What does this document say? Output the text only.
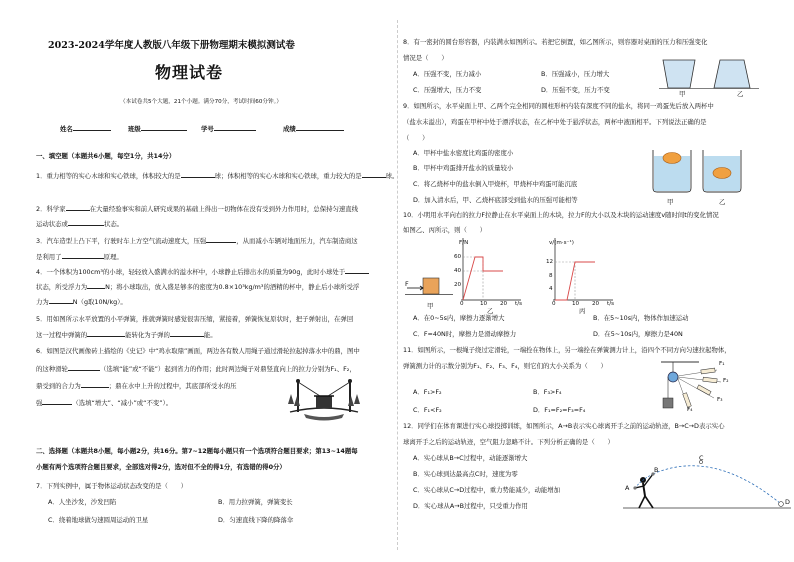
2023-2024学年度人教版八年级下册物理期末模拟测试卷
物理试卷
（本试卷共5个大题，21个小题。满分70分，考试时间60分钟。）
姓名	班级	学号	成绩
一、填空题（本题共6小题，每空1分，共14分）
1．重力相等的实心木球和实心铁球，体积较大的是	球；体积相等的实心木球和实心铁球，重力较大的是	球。
2．科学家	在大量经验事实和前人研究成果的基础上得出一切物体在没有受到外力作用时，总保持匀速直线
运动状态或	状态。
3．汽车造型上凸下平，行驶时车上方空气流动速度大，压强	，从而减小车辆对地面压力，汽车制造商这
是利用了	原理。
4．一个体积为100cm³的小球，轻轻放入盛满水的溢水杯中，小球静止后排出水的质量为90g，此时小球处于
状态，所受浮力为	N；将小球取出，放入盛足够多的密度为0.8×10³kg/m³的酒精的杯中，静止后小球所受浮
力为	N（g取10N/kg）。
5．用如图所示水平放置的小平弹簧，推就弹簧时感觉很害压缩，紧接着，弹簧恢复原状时，把子弹射出，在弹回
这一过程中弹簧的	能转化为子弹的	能。
6．如图是汉代画像砖上描绘的《史记》中“鸡水取鼎”画面，两边各有数人用绳子通过滑轮拉起掉落水中的鼎，图中
的这种滑轮	（选填“能”或“不能”）起到省力的作用；此时两边绳子对鼎竖直向上的拉力分别为F₁、F₂，
鼎受到的合力为	；鼎在水中上升的过程中，其底部所受水的压
强	（选填“增大”、“减小”或“不变”）。
二、选择题（本题共8小题，每小题2分，共16分。第7~12题每小题只有一个选项符合题目要求；第13~14题每
小题有两个选项符合题目要求，全部选对得2分，选对但不全的得1分，有选错的得0分）
7．下列实例中，属于物体运动状态改变的是（　　）
A．人坐沙发，沙发凹陷	B．用力拉弹簧，弹簧变长
C．绕着地球做匀速圆周运动的卫星	D．匀速直线下降的降落伞
8．有一密封的圆台形容器，内装满水如图所示。若把它倒置，如乙图所示，则容器对桌面的压力和压强变化
情况是（　　）
A．压强不变，压力减小	B．压强减小，压力增大
C．压强增大，压力不变	D．压强不变，压力不变	甲	乙
9．如图所示，水平桌面上甲、乙两个完全相同的圆柱形杯内装有深度不同的盐水，将同一鸡蛋先后放入两杯中
（盐水未溢出），鸡蛋在甲杯中处于漂浮状态，在乙杯中处于悬浮状态，两杯中液面相平。下列说法正确的是
（　　）
A．甲杯中盐水密度比鸡蛋的密度小
B．甲杯中鸡蛋排开盐水的质量较小
C．将乙烧杯中的盐水倒入甲烧杯，甲烧杯中鸡蛋可能沉底
D．加入清水后，甲、乙烧杯底部受到盐水的压强可能相等	甲	乙
10．小明用水平向右的拉力F拉静止在水平桌面上的木块，拉力F的大小以及木块的运动速度v随时间t的变化情况
如图乙、丙所示，则（　　）
F
甲
F/N
60
40
20
0	10 20 t/s
乙
v/(m·s⁻¹)
12
8
4
0	10 20 t/s
丙
A．在0~5s内，摩擦力逐渐增大	B．在5~10s内，物体作加速运动
C．F=40N时，摩擦力是滑动摩擦力	D．在5~10s内，摩擦力是40N
11．如图所示，一根绳子绕过定滑轮，一端拴在物体上，另一端拴在弹簧测力计上，沿四个不同方向匀速拉起物体，
弹簧测力计的示数分别为F₁、F₂、F₃、F₄，则它们的大小关系为（　　）
A．F₁>F₂	B．F₃>F₄
C．F₁<F₂	D．F₁=F₂=F₃=F₄
F₁
F₂
F₃
F₄
12．同学们在体育课进行实心球投掷训练，如图所示，A→B表示实心球离开手之前的运动轨迹，B→C→D表示实心
球离开手之后的运动轨迹，空气阻力忽略不计。下列分析正确的是（　　）
A．实心球从B→C过程中，动能逐渐增大
B．实心球到达最高点C时，速度为零
C．实心球从C→D过程中，重力势能减少，动能增加
D．实心球从A→B过程中，只受重力作用
A
B
C
D
